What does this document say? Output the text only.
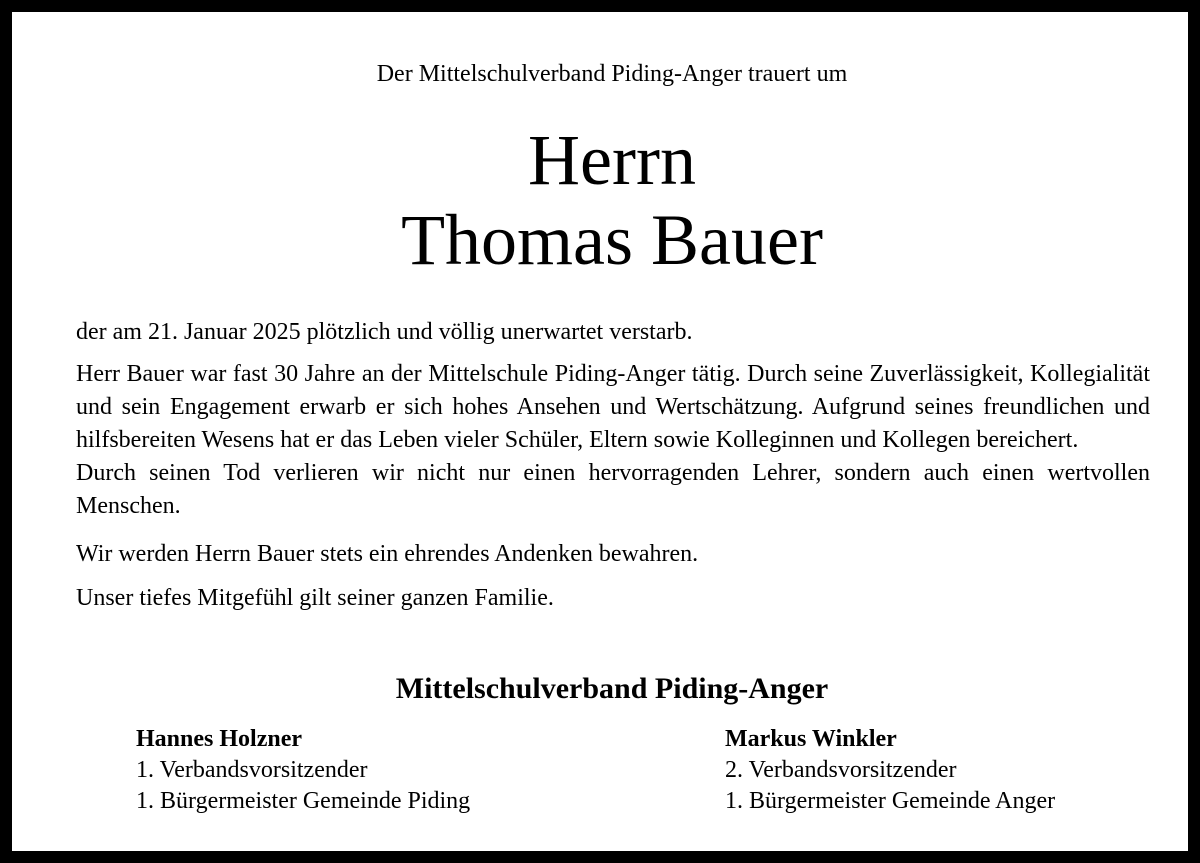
Der Mittelschulverband Piding-Anger trauert um
Herrn
Thomas Bauer

der am 21. Januar 2025 plötzlich und völlig unerwartet verstarb.

Herr Bauer war fast 30 Jahre an der Mittelschule Piding-Anger tätig. Durch seine Zuverlässigkeit, Kollegialität und sein Engagement erwarb er sich hohes Ansehen und Wertschätzung. Aufgrund seines freundlichen und hilfsbereiten Wesens hat er das Leben vieler Schüler, Eltern sowie Kolleginnen und Kollegen bereichert.

Durch seinen Tod verlieren wir nicht nur einen hervorragenden Lehrer, sondern auch einen wertvollen Menschen.

Wir werden Herrn Bauer stets ein ehrendes Andenken bewahren.

Unser tiefes Mitgefühl gilt seiner ganzen Familie.

Mittelschulverband Piding-Anger
Hannes Holzner
1. Verbandsvorsitzender
1. Bürgermeister Gemeinde Piding
Markus Winkler
2. Verbandsvorsitzender
1. Bürgermeister Gemeinde Anger
